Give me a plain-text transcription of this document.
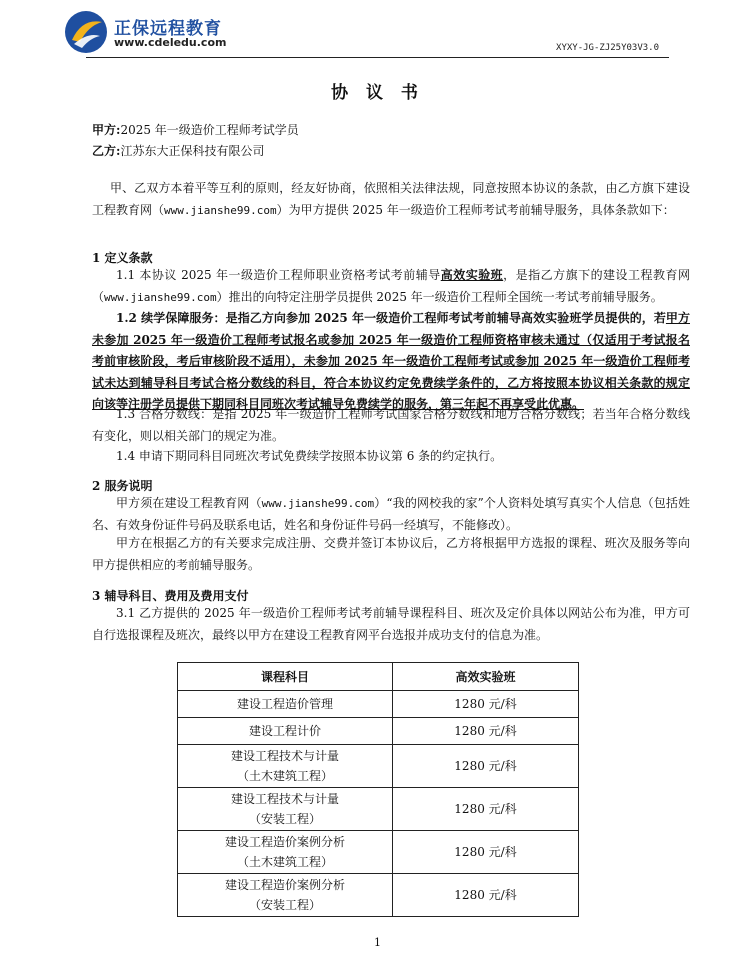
正保远程教育
www.cdeledu.com	XYXY-JG-ZJ25Y03V3.0
协 议 书
甲方:2025 年一级造价工程师考试学员
乙方:江苏东大正保科技有限公司

甲、乙双方本着平等互利的原则，经友好协商，依照相关法律法规，同意按照本协议的条款，由乙方旗下建设工程教育网（www.jianshe99.com）为甲方提供 2025 年一级造价工程师考试考前辅导服务，具体条款如下：

1 定义条款

1.1 本协议 2025 年一级造价工程师职业资格考试考前辅导高效实验班，是指乙方旗下的建设工程教育网（www.jianshe99.com）推出的向特定注册学员提供 2025 年一级造价工程师全国统一考试考前辅导服务。

1.2 续学保障服务：是指乙方向参加 2025 年一级造价工程师考试考前辅导高效实验班学员提供的，若甲方未参加 2025 年一级造价工程师考试报名或参加 2025 年一级造价工程师资格审核未通过（仅适用于考试报名考前审核阶段，考后审核阶段不适用），未参加 2025 年一级造价工程师考试或参加 2025 年一级造价工程师考试未达到辅导科目考试合格分数线的科目，符合本协议约定免费续学条件的，乙方将按照本协议相关条款的规定向该等注册学员提供下期同科目同班次考试辅导免费续学的服务，第三年起不再享受此优惠。

1.3 合格分数线：是指 2025 年一级造价工程师考试国家合格分数线和地方合格分数线；若当年合格分数线有变化，则以相关部门的规定为准。

1.4 申请下期同科目同班次考试免费续学按照本协议第 6 条的约定执行。

2 服务说明

甲方须在建设工程教育网（www.jianshe99.com）“我的网校我的家”个人资料处填写真实个人信息（包括姓名、有效身份证件号码及联系电话，姓名和身份证件号码一经填写，不能修改）。

甲方在根据乙方的有关要求完成注册、交费并签订本协议后，乙方将根据甲方选报的课程、班次及服务等向甲方提供相应的考前辅导服务。

3 辅导科目、费用及费用支付

3.1 乙方提供的 2025 年一级造价工程师考试考前辅导课程科目、班次及定价具体以网站公布为准，甲方可自行选报课程及班次，最终以甲方在建设工程教育网平台选报并成功支付的信息为准。

课程科目	高效实验班

建设工程造价管理	1280 元/科

建设工程计价	1280 元/科

建设工程技术与计量
（土木建筑工程）	1280 元/科

建设工程技术与计量
（安装工程）	1280 元/科

建设工程造价案例分析
（土木建筑工程）	1280 元/科

建设工程造价案例分析
（安装工程）	1280 元/科
1
